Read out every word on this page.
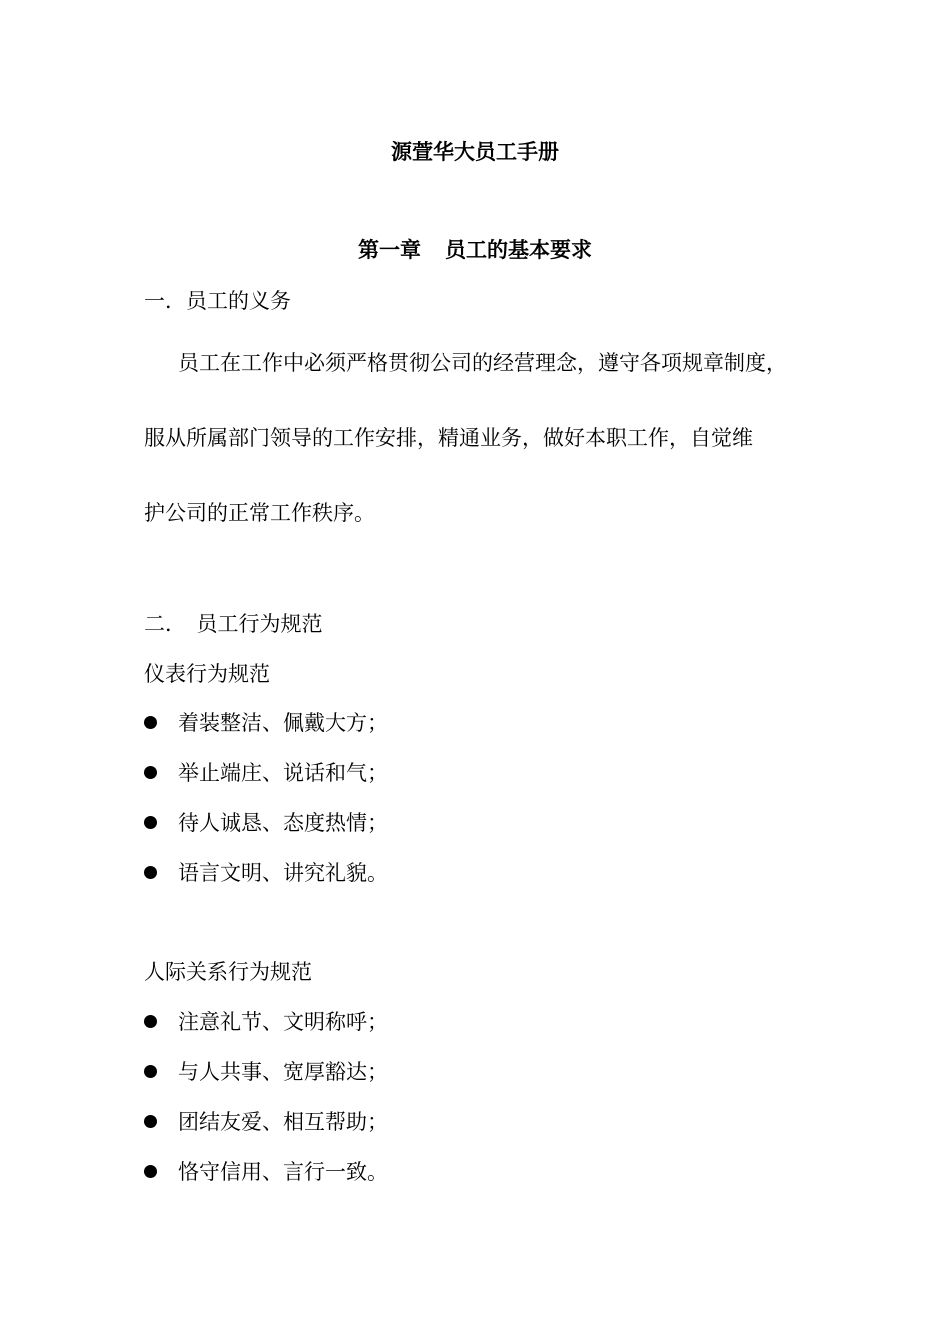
源萱华大员工手册
第一章 员工的基本要求
一．员工的义务
员工在工作中必须严格贯彻公司的经营理念，遵守各项规章制度，
服从所属部门领导的工作安排，精通业务，做好本职工作，自觉维
护公司的正常工作秩序。
二．　员工行为规范
仪表行为规范
着装整洁、佩戴大方；
举止端庄、说话和气；
待人诚恳、态度热情；
语言文明、讲究礼貌。
人际关系行为规范
注意礼节、文明称呼；
与人共事、宽厚豁达；
团结友爱、相互帮助；
恪守信用、言行一致。
